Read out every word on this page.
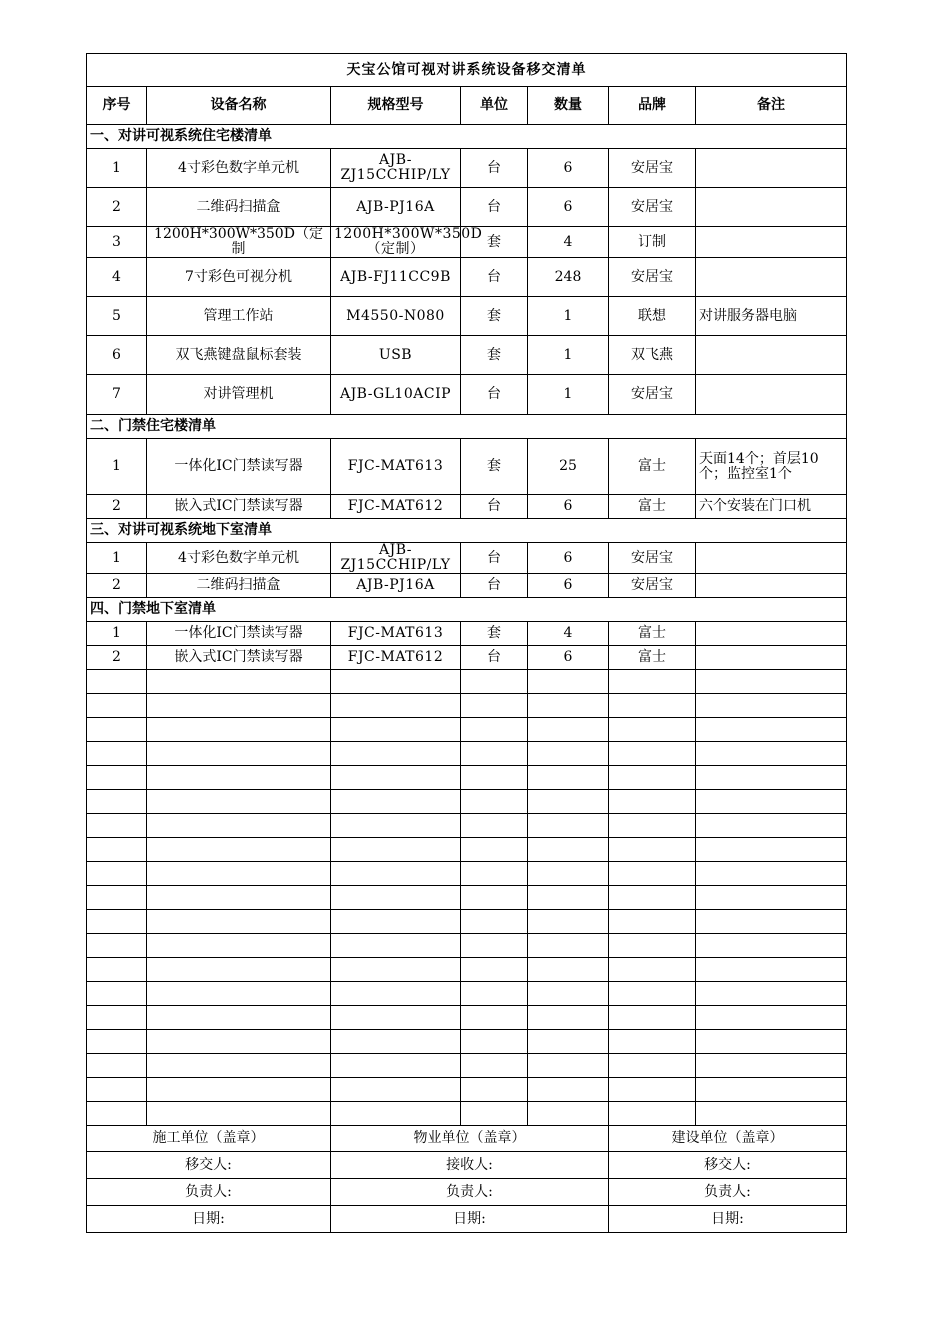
天宝公馆可视对讲系统设备移交清单						
序号	设备名称	规格型号	单位	数量	品牌	备注
一、对讲可视系统住宅楼清单						
1	4寸彩色数字单元机	AJB-ZJ15CCHIP/LY	台	6	安居宝	
2	二维码扫描盒	AJB-PJ16A	台	6	安居宝	
3	1200H*300W*350D（定制	1200H*300W*350D（定制）	套	4	订制	
4	7寸彩色可视分机	AJB-FJ11CC9B	台	248	安居宝	
5	管理工作站	M4550-N080	套	1	联想	对讲服务器电脑
6	双飞燕键盘鼠标套装	USB	套	1	双飞燕	
7	对讲管理机	AJB-GL10ACIP	台	1	安居宝	
二、门禁住宅楼清单						
1	一体化IC门禁读写器	FJC-MAT613	套	25	富士	天面14个；首层10个；监控室1个
2	嵌入式IC门禁读写器	FJC-MAT612	台	6	富士	六个安装在门口机
三、对讲可视系统地下室清单						
1	4寸彩色数字单元机	AJB-ZJ15CCHIP/LY	台	6	安居宝	
2	二维码扫描盒	AJB-PJ16A	台	6	安居宝	
四、门禁地下室清单						
1	一体化IC门禁读写器	FJC-MAT613	套	4	富士	
2	嵌入式IC门禁读写器	FJC-MAT612	台	6	富士	

施工单位（盖章）		物业单位（盖章）			建设单位（盖章）	
移交人:		接收人:			移交人:	
负责人:		负责人:			负责人:	
日期:		日期:			日期:	
